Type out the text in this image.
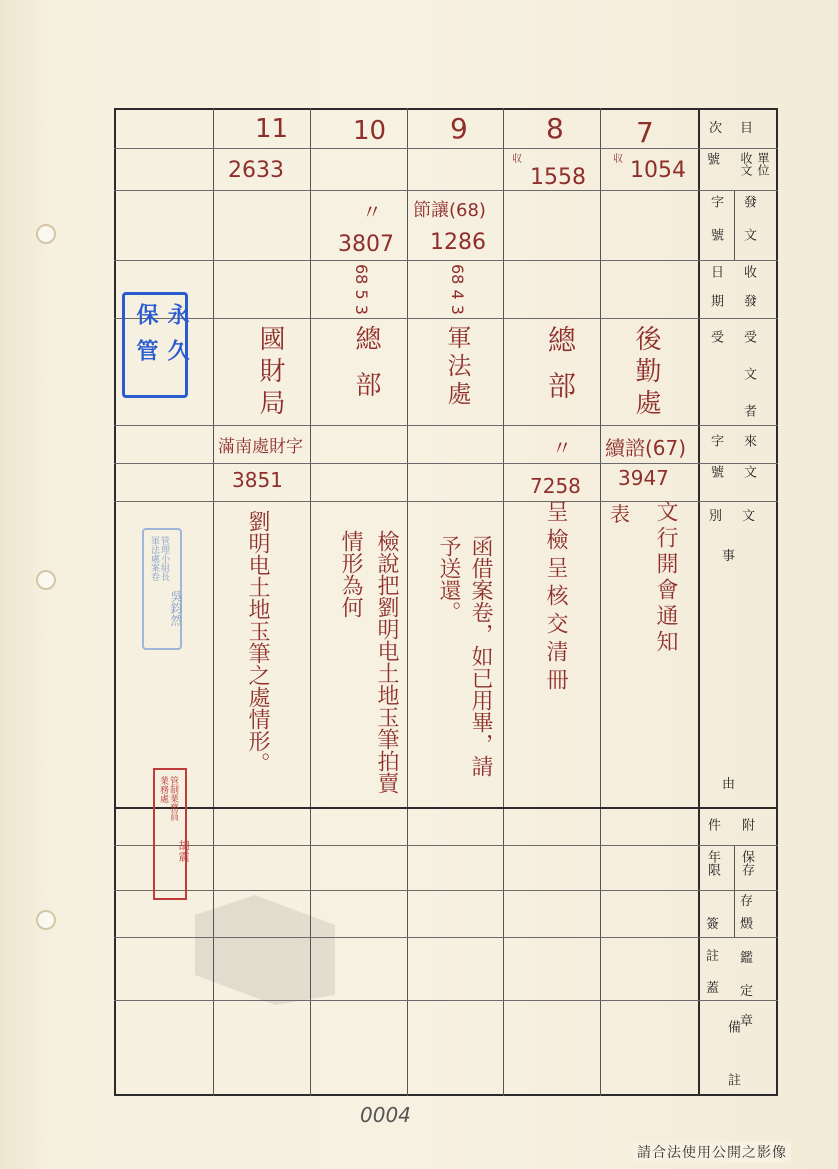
次 目
號 收文 單位
字號 發文
日期 收發
受 受文者
字號 來文
別 文
事
由
件 附
年限 保存
存
簽 燬
註 鑑
蓋 定
章
備註
7
収 1054
後勤處
續諮(67)
3947
表 文行開會通知
8
収
1558
總部
〃
7258
呈檢呈核交清冊
9
節讓(68)
1286
68 4 3
軍法處
函借案卷，如已用畢，請予送還。
10
〃
3807
68 5 3
總部
檢說把劉明电土地玉筆拍賣情形為何
11
2633
國財局
滿南處財字
3851
劉明电土地玉筆之處情形。
永久保管
軍法處案卷 管理小組長
吳鈞然
業務處 管制業務員
胡震
0004
請合法使用公開之影像
